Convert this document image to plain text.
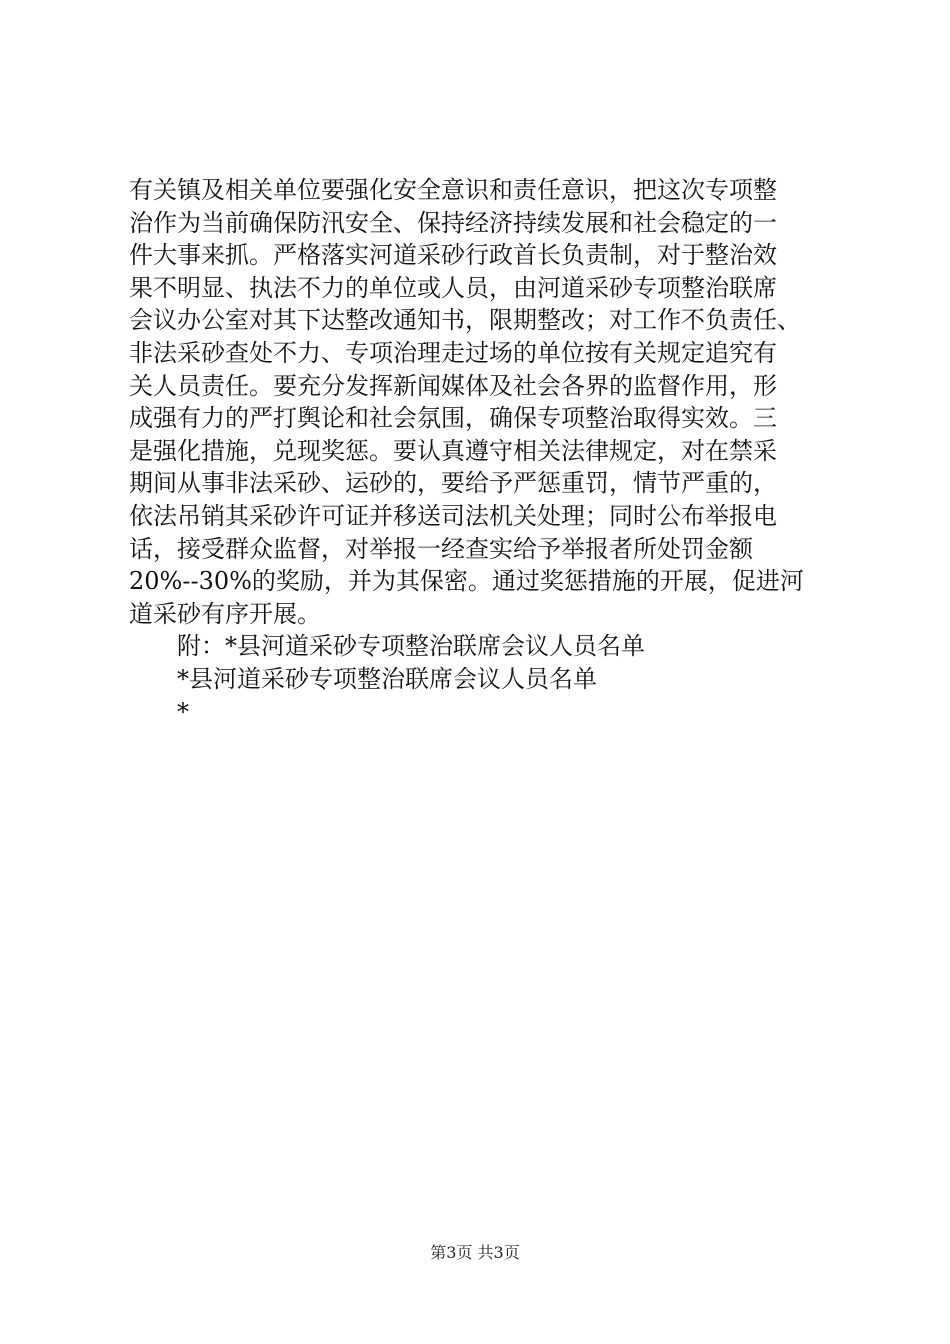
有关镇及相关单位要强化安全意识和责任意识，把这次专项整
治作为当前确保防汛安全、保持经济持续发展和社会稳定的一
件大事来抓。严格落实河道采砂行政首长负责制，对于整治效
果不明显、执法不力的单位或人员，由河道采砂专项整治联席
会议办公室对其下达整改通知书，限期整改；对工作不负责任、
非法采砂查处不力、专项治理走过场的单位按有关规定追究有
关人员责任。要充分发挥新闻媒体及社会各界的监督作用，形
成强有力的严打舆论和社会氛围，确保专项整治取得实效。三
是强化措施，兑现奖惩。要认真遵守相关法律规定，对在禁采
期间从事非法采砂、运砂的，要给予严惩重罚，情节严重的，
依法吊销其采砂许可证并移送司法机关处理；同时公布举报电
话，接受群众监督，对举报一经查实给予举报者所处罚金额
20%--30%的奖励，并为其保密。通过奖惩措施的开展，促进河
道采砂有序开展。
附：*县河道采砂专项整治联席会议人员名单
*县河道采砂专项整治联席会议人员名单
*
第3页 共3页
